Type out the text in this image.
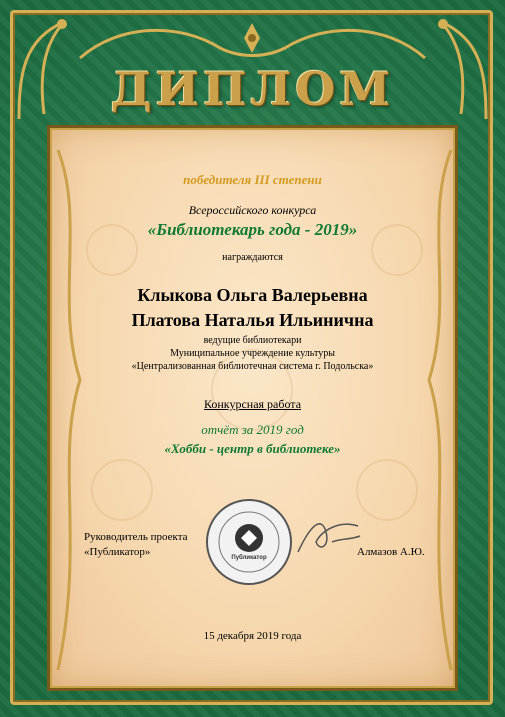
ДИПЛОМ
победителя III степени
Всероссийского конкурса
«Библиотекарь года - 2019»
награждаются
Клыкова Ольга Валерьевна
Платова Наталья Ильинична
ведущие библиотекари
Муниципальное учреждение культуры
«Централизованная библиотечная система г. Подольска»
Конкурсная работа
отчёт за 2019 год
«Хобби - центр в библиотеке»
Руководитель проекта
«Публикатор»	Публикатор	Алмазов А.Ю.
15 декабря 2019 года
